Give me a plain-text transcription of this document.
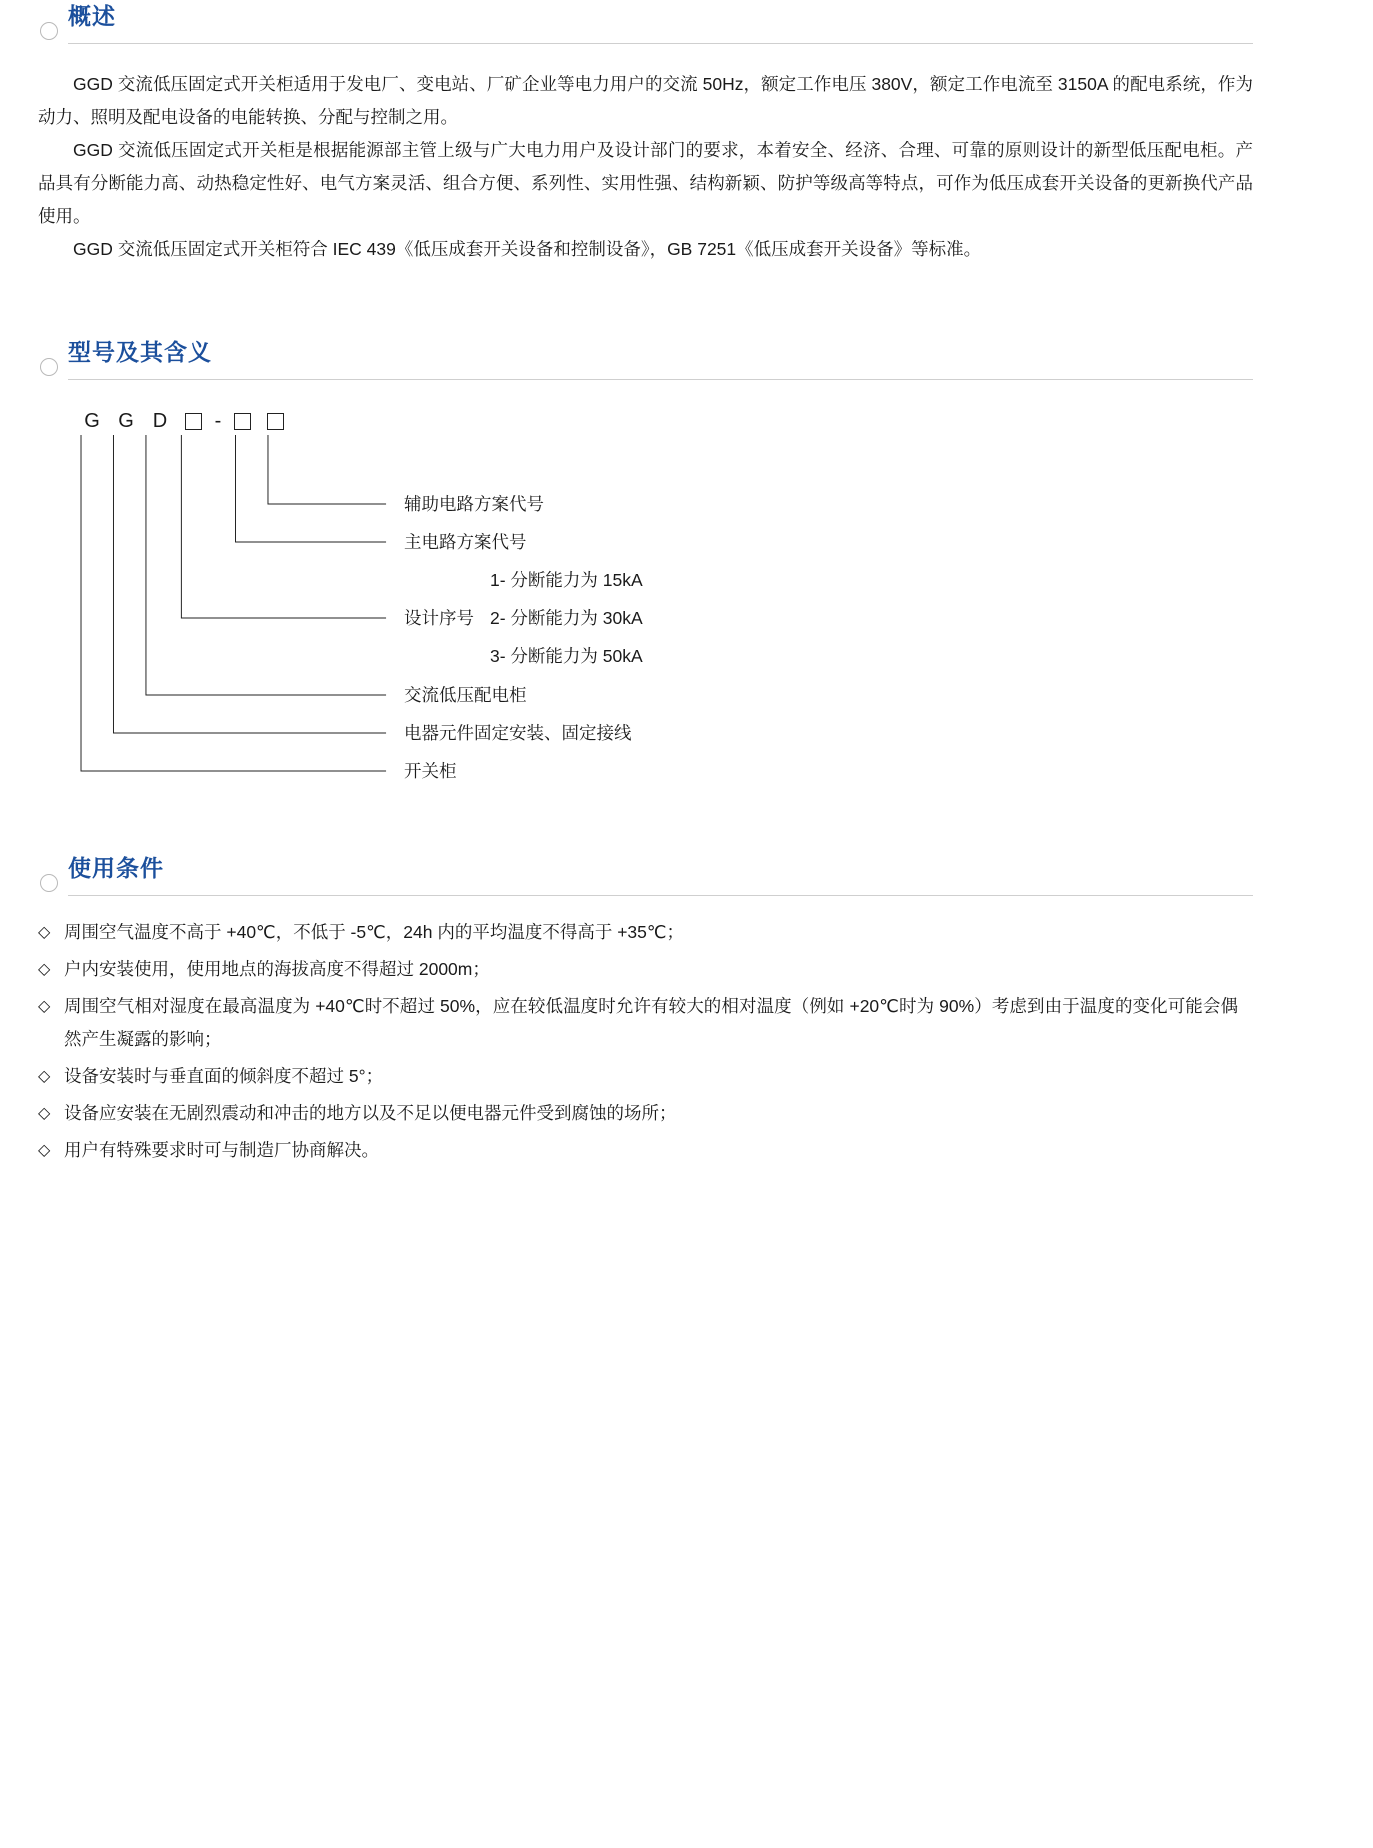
概述

GGD 交流低压固定式开关柜适用于发电厂、变电站、厂矿企业等电力用户的交流 50Hz，额定工作电压 380V，额定工作电流至 3150A 的配电系统，作为动力、照明及配电设备的电能转换、分配与控制之用。

GGD 交流低压固定式开关柜是根据能源部主管上级与广大电力用户及设计部门的要求，本着安全、经济、合理、可靠的原则设计的新型低压配电柜。产品具有分断能力高、动热稳定性好、电气方案灵活、组合方便、系列性、实用性强、结构新颖、防护等级高等特点，可作为低压成套开关设备的更新换代产品使用。

GGD 交流低压固定式开关柜符合 IEC 439《低压成套开关设备和控制设备》，GB 7251《低压成套开关设备》等标准。

型号及其含义
G G D	-
辅助电路方案代号
主电路方案代号
1- 分断能力为 15kA
设计序号 2- 分断能力为 30kA
3- 分断能力为 50kA
交流低压配电柜
电器元件固定安装、固定接线
开关柜
使用条件
◇ 周围空气温度不高于 +40℃，不低于 -5℃，24h 内的平均温度不得高于 +35℃；
◇ 户内安装使用，使用地点的海拔高度不得超过 2000m；
◇ 周围空气相对湿度在最高温度为 +40℃时不超过 50%，应在较低温度时允许有较大的相对温度（例如 +20℃时为 90%）考虑到由于温度的变化可能会偶然产生凝露的影响；
◇ 设备安装时与垂直面的倾斜度不超过 5°；
◇ 设备应安装在无剧烈震动和冲击的地方以及不足以便电器元件受到腐蚀的场所；
◇ 用户有特殊要求时可与制造厂协商解决。
